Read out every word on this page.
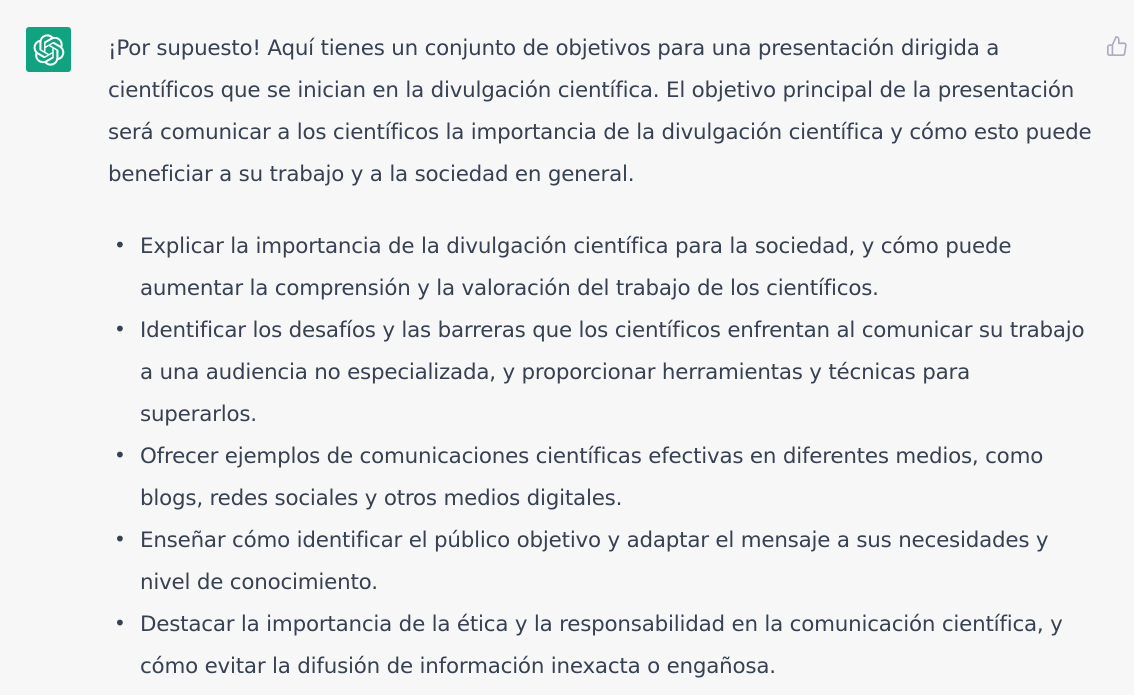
¡Por supuesto! Aquí tienes un conjunto de objetivos para una presentación dirigida a científicos que se inician en la divulgación científica. El objetivo principal de la presentación será comunicar a los científicos la importancia de la divulgación científica y cómo esto puede beneficiar a su trabajo y a la sociedad en general.

• Explicar la importancia de la divulgación científica para la sociedad, y cómo puede aumentar la comprensión y la valoración del trabajo de los científicos.
• Identificar los desafíos y las barreras que los científicos enfrentan al comunicar su trabajo a una audiencia no especializada, y proporcionar herramientas y técnicas para superarlos.
• Ofrecer ejemplos de comunicaciones científicas efectivas en diferentes medios, como blogs, redes sociales y otros medios digitales.
• Enseñar cómo identificar el público objetivo y adaptar el mensaje a sus necesidades y nivel de conocimiento.
• Destacar la importancia de la ética y la responsabilidad en la comunicación científica, y cómo evitar la difusión de información inexacta o engañosa.
